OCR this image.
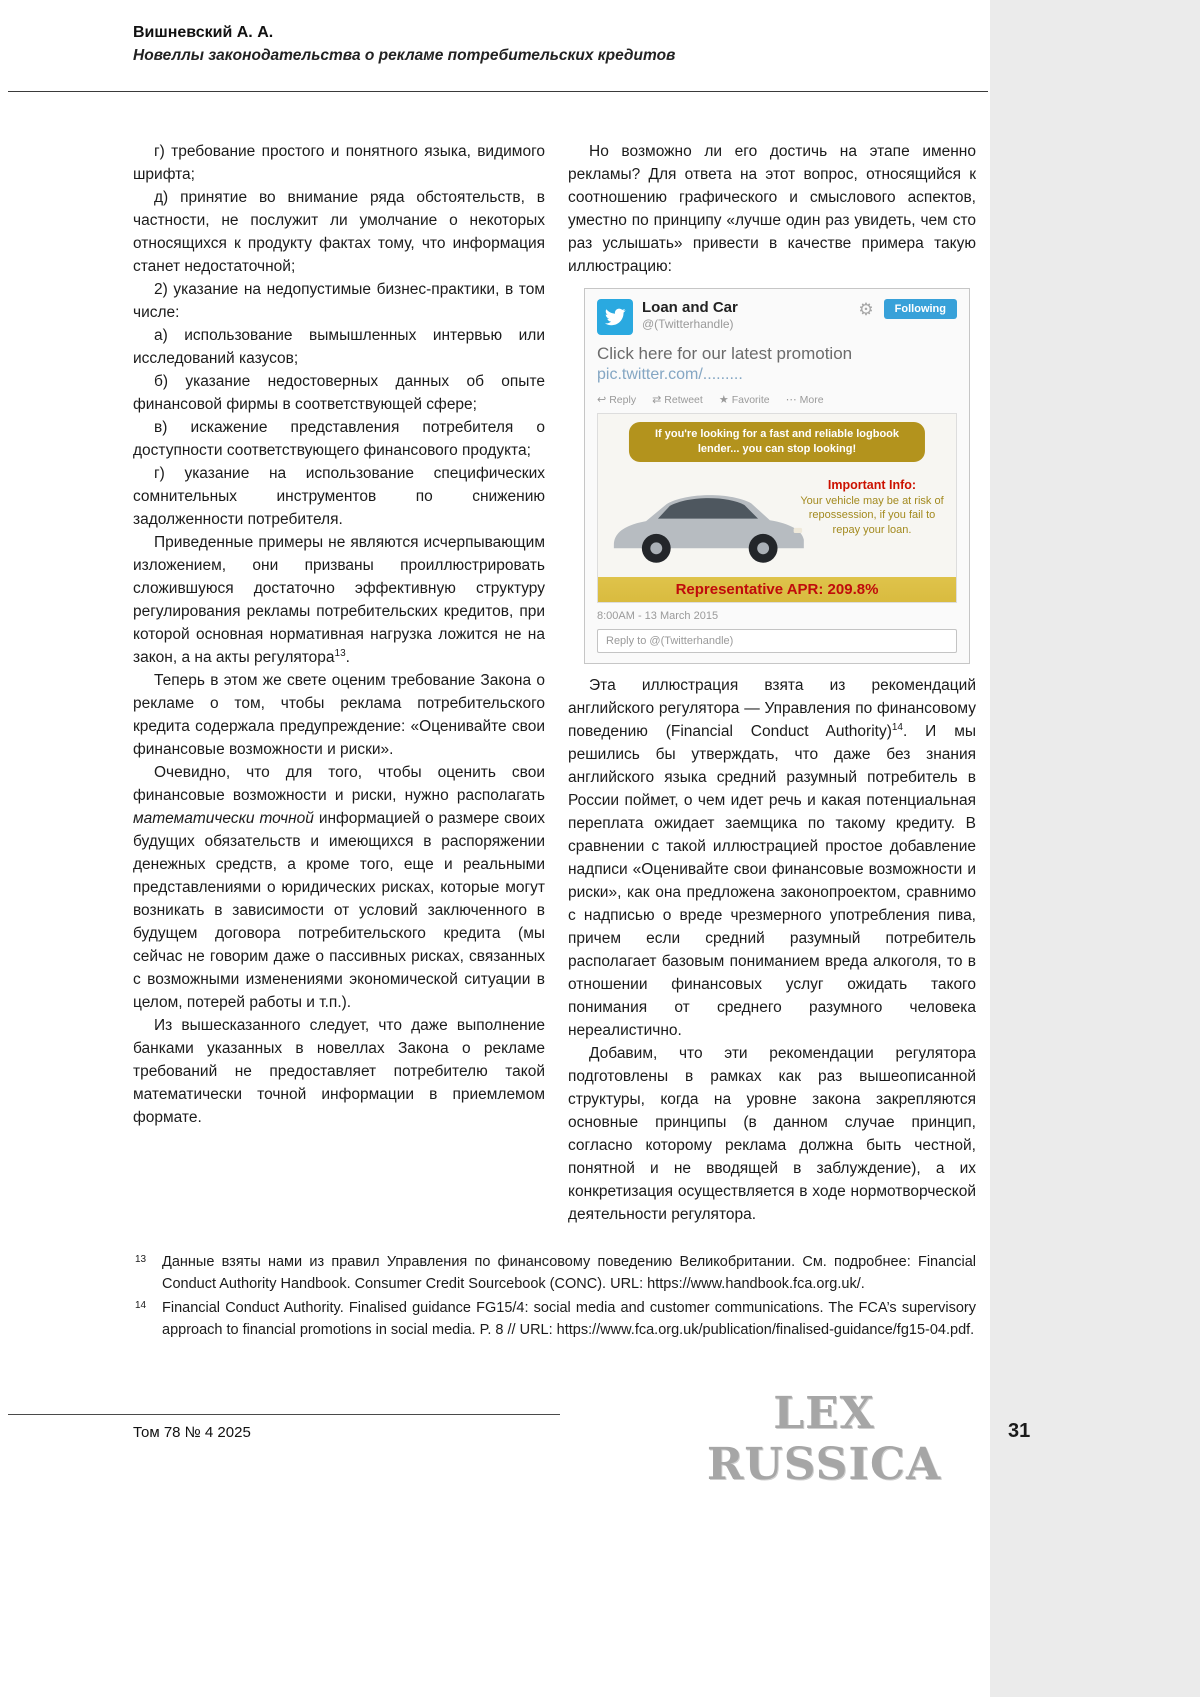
Вишневский А. А.
Новеллы законодательства о рекламе потребительских кредитов

г) требование простого и понятного языка, видимого шрифта;

д) принятие во внимание ряда обстоятельств, в частности, не послужит ли умолчание о некоторых относящихся к продукту фактах тому, что информация станет недостаточной;

2) указание на недопустимые бизнес-практики, в том числе:

а) использование вымышленных интервью или исследований казусов;

б) указание недостоверных данных об опыте финансовой фирмы в соответствующей сфере;

в) искажение представления потребителя о доступности соответствующего финансового продукта;

г) указание на использование специфических сомнительных инструментов по снижению задолженности потребителя.

Приведенные примеры не являются исчерпывающим изложением, они призваны проиллюстрировать сложившуюся достаточно эффективную структуру регулирования рекламы потребительских кредитов, при которой основная нормативная нагрузка ложится не на закон, а на акты регулятора$^{13}$.

Теперь в этом же свете оценим требование Закона о рекламе о том, чтобы реклама потребительского кредита содержала предупреждение: «Оценивайте свои финансовые возможности и риски».

Очевидно, что для того, чтобы оценить свои финансовые возможности и риски, нужно располагать математически точной информацией о размере своих будущих обязательств и имеющихся в распоряжении денежных средств, а кроме того, еще и реальными представлениями о юридических рисках, которые могут возникать в зависимости от условий заключенного в будущем договора потребительского кредита (мы сейчас не говорим даже о пассивных рисках, связанных с возможными изменениями экономической ситуации в целом, потерей работы и т.п.).

Из вышесказанного следует, что даже выполнение банками указанных в новеллах Закона о рекламе требований не предоставляет потребителю такой математически точной информации в приемлемом формате.

Но возможно ли его достичь на этапе именно рекламы? Для ответа на этот вопрос, относящийся к соотношению графического и смыслового аспектов, уместно по принципу «лучше один раз увидеть, чем сто раз услышать» привести в качестве примера такую иллюстрацию:

Loan and Car
@(Twitterhandle)
⚙	Following
Click here for our latest promotion
pic.twitter.com/.........
↩ Reply ⇄ Retweet ★ Favorite ⋯ More
If you're looking for a fast and reliable logbook lender... you can stop looking!
Important Info:
Your vehicle may be at risk of repossession, if you fail to repay your loan.
Representative APR: 209.8%
8:00AM - 13 March 2015
Reply to @(Twitterhandle)

Эта иллюстрация взята из рекомендаций английского регулятора — Управления по финансовому поведению (Financial Conduct Authority)$^{14}$. И мы решились бы утверждать, что даже без знания английского языка средний разумный потребитель в России поймет, о чем идет речь и какая потенциальная переплата ожидает заемщика по такому кредиту. В сравнении с такой иллюстрацией простое добавление надписи «Оценивайте свои финансовые возможности и риски», как она предложена законопроектом, сравнимо с надписью о вреде чрезмерного употребления пива, причем если средний разумный потребитель располагает базовым пониманием вреда алкоголя, то в отношении финансовых услуг ожидать такого понимания от среднего разумного человека нереалистично.

Добавим, что эти рекомендации регулятора подготовлены в рамках как раз вышеописанной структуры, когда на уровне закона закрепляются основные принципы (в данном случае принцип, согласно которому реклама должна быть честной, понятной и не вводящей в заблуждение), а их конкретизация осуществляется в ходе нормотворческой деятельности регулятора.

13 Данные взяты нами из правил Управления по финансовому поведению Великобритании. См. подробнее: Financial Conduct Authority Handbook. Consumer Credit Sourcebook (CONC). URL: https://www.handbook.fca.org.uk/.
14 Financial Conduct Authority. Finalised guidance FG15/4: social media and customer communications. The FCA’s supervisory approach to financial promotions in social media. P. 8 // URL: https://www.fca.org.uk/publication/finalised-guidance/fg15-04.pdf.
Том 78 № 4 2025	LEX RUSSICA
31
